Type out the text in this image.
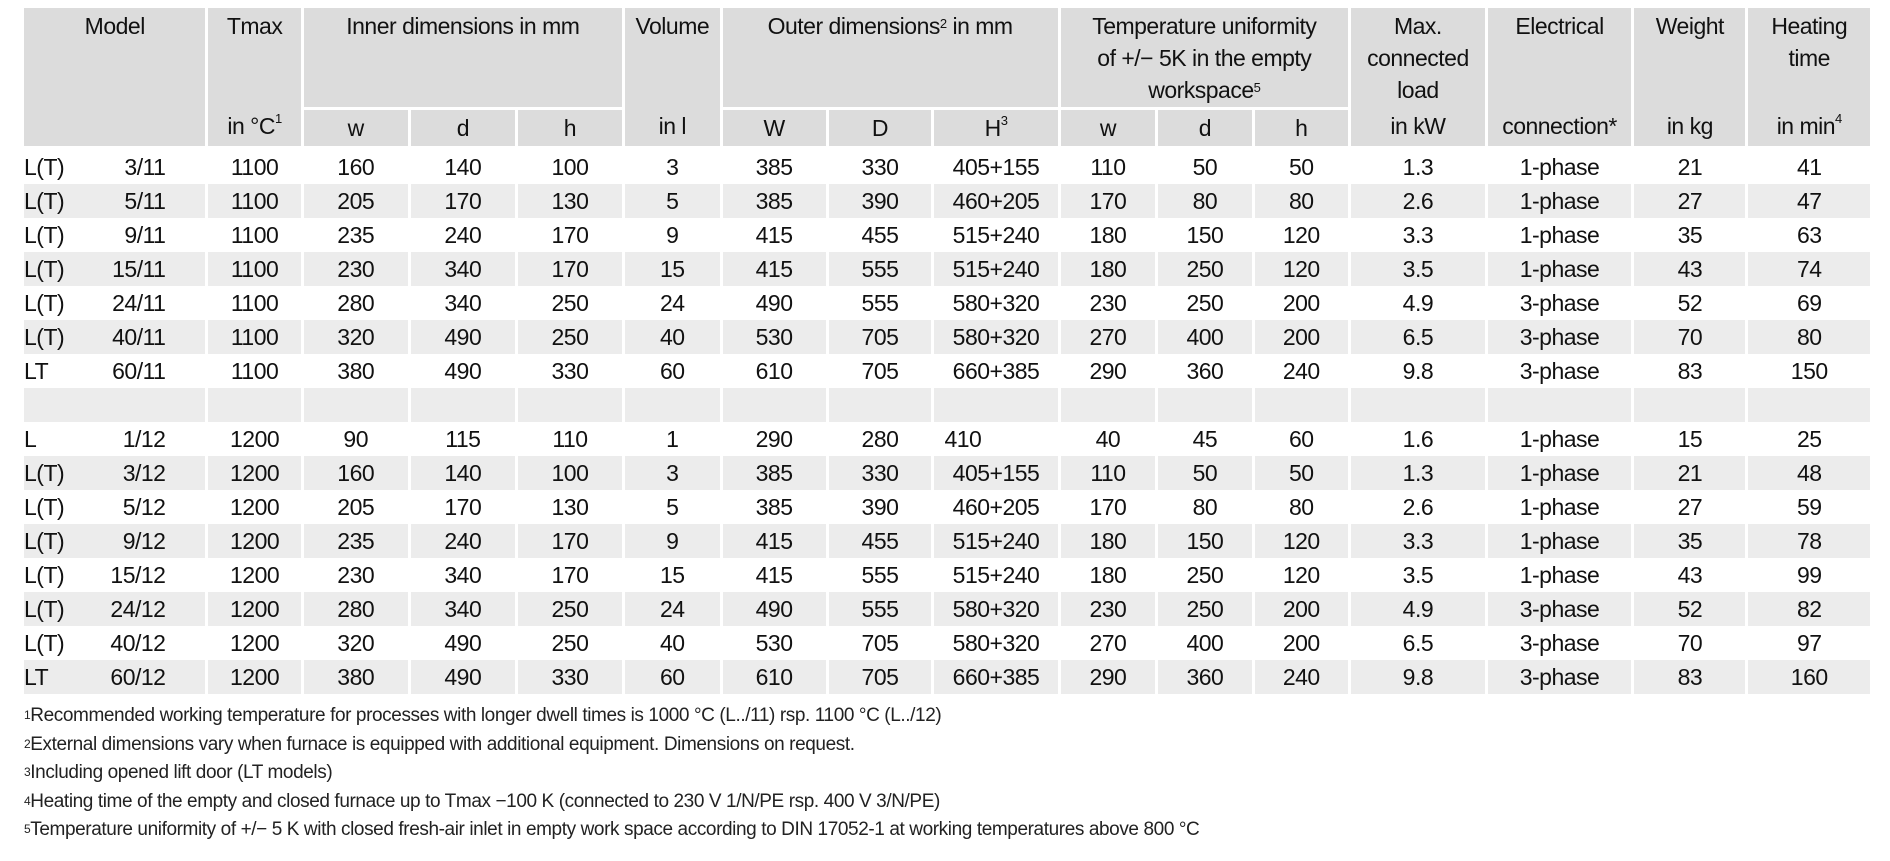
Model	Tmax	Inner dimensions in mm			Volume	Outer dimensions$^2$ in mm			Temperature uniformity
of +/− 5K in the empty
workspace$^5$			Max.
connected
load	Electrical	Weight	Heating
time

	in $^\circ C^1$	w	d	h	in l	W	D	$H^3$	w	d	h	in kW	connection*	in kg	in $\min^4$

L(T) 3/11	1100	160	140	100	3	385	330	405+155	110	50	50	1.3	1-phase	21	41

L(T) 5/11	1100	205	170	130	5	385	390	460+205	170	80	80	2.6	1-phase	27	47

L(T) 9/11	1100	235	240	170	9	415	455	515+240	180	150	120	3.3	1-phase	35	63

L(T) 15/11	1100	230	340	170	15	415	555	515+240	180	250	120	3.5	1-phase	43	74

L(T) 24/11	1100	280	340	250	24	490	555	580+320	230	250	200	4.9	3-phase	52	69

L(T) 40/11	1100	320	490	250	40	530	705	580+320	270	400	200	6.5	3-phase	70	80

LT 60/11	1100	380	490	330	60	610	705	660+385	290	360	240	9.8	3-phase	83	150

L 1/12	1200	90	115	110	1	290	280	410	40	45	60	1.6	1-phase	15	25

L(T) 3/12	1200	160	140	100	3	385	330	405+155	110	50	50	1.3	1-phase	21	48

L(T) 5/12	1200	205	170	130	5	385	390	460+205	170	80	80	2.6	1-phase	27	59

L(T) 9/12	1200	235	240	170	9	415	455	515+240	180	150	120	3.3	1-phase	35	78

L(T) 15/12	1200	230	340	170	15	415	555	515+240	180	250	120	3.5	1-phase	43	99

L(T) 24/12	1200	280	340	250	24	490	555	580+320	230	250	200	4.9	3-phase	52	82

L(T) 40/12	1200	320	490	250	40	530	705	580+320	270	400	200	6.5	3-phase	70	97

LT 60/12	1200	380	490	330	60	610	705	660+385	290	360	240	9.8	3-phase	83	160

$^1$Recommended working temperature for processes with longer dwell times is 1000 °C (L../11) rsp. 1100 °C (L../12)

$^2$External dimensions vary when furnace is equipped with additional equipment. Dimensions on request.

$^3$Including opened lift door (LT models)

$^4$Heating time of the empty and closed furnace up to Tmax −100 K (connected to 230 V 1/N/PE rsp. 400 V 3/N/PE)

$^5$Temperature uniformity of +/− 5 K with closed fresh-air inlet in empty work space according to DIN 17052-1 at working temperatures above 800 °C
